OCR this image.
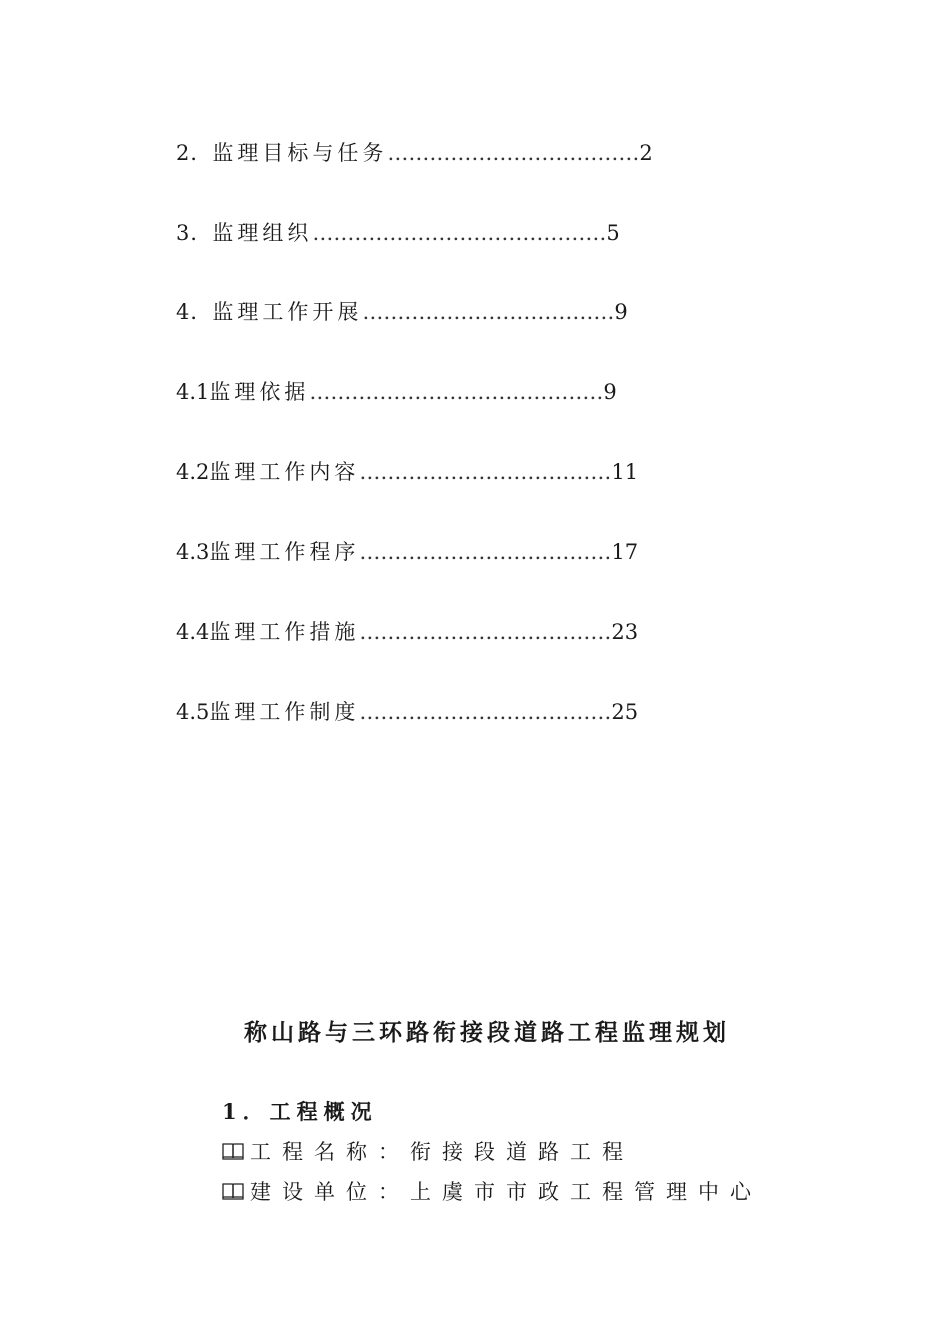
2．监理目标与任务………………………………2
3．监理组织……………………………………5
4．监理工作开展………………………………9
4.1监理依据……………………………………9
4.2监理工作内容………………………………11
4.3监理工作程序………………………………17
4.4监理工作措施………………………………23
4.5监理工作制度………………………………25
称山路与三环路衔接段道路工程监理规划
1．工程概况
工程名称：衔接段道路工程
建设单位：上虞市市政工程管理中心
